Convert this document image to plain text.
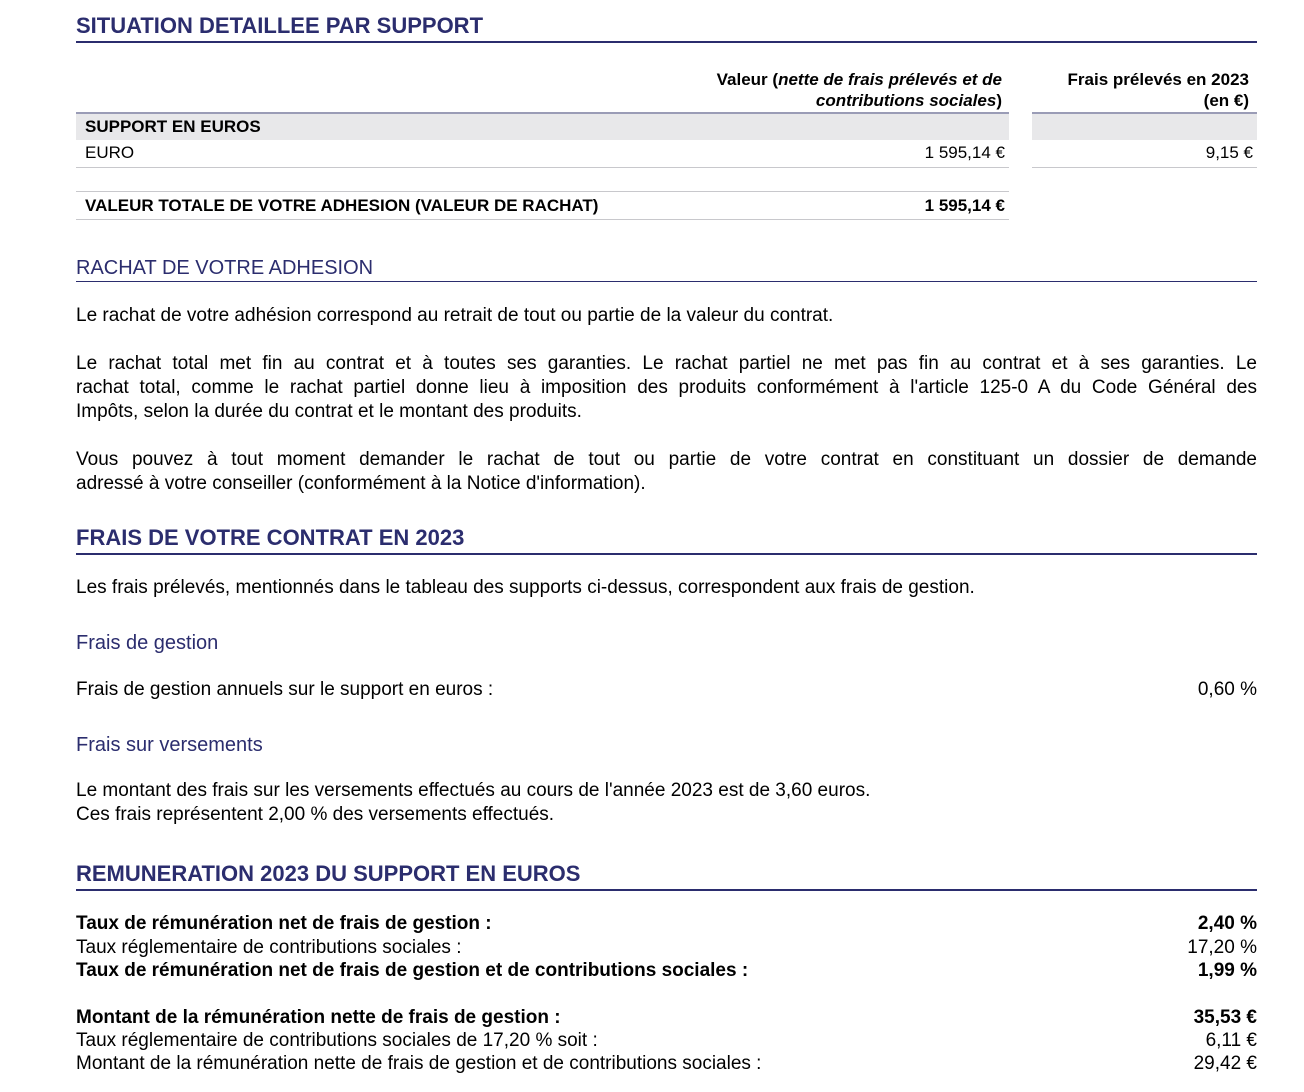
SITUATION DETAILLEE PAR SUPPORT
Valeur (nette de frais prélevés et de
contributions sociales)
Frais prélevés en 2023
(en €)
SUPPORT EN EUROS
EURO	1 595,14 €	9,15 €
VALEUR TOTALE DE VOTRE ADHESION (VALEUR DE RACHAT)	1 595,14 €
RACHAT DE VOTRE ADHESION
Le rachat de votre adhésion correspond au retrait de tout ou partie de la valeur du contrat.
Le rachat total met fin au contrat et à toutes ses garanties. Le rachat partiel ne met pas fin au contrat et à ses garanties. Le
rachat total, comme le rachat partiel donne lieu à imposition des produits conformément à l'article 125-0 A du Code Général des
Impôts, selon la durée du contrat et le montant des produits.
Vous pouvez à tout moment demander le rachat de tout ou partie de votre contrat en constituant un dossier de demande
adressé à votre conseiller (conformément à la Notice d'information).
FRAIS DE VOTRE CONTRAT EN 2023
Les frais prélevés, mentionnés dans le tableau des supports ci-dessus, correspondent aux frais de gestion.
Frais de gestion
Frais de gestion annuels sur le support en euros :	0,60 %
Frais sur versements
Le montant des frais sur les versements effectués au cours de l'année 2023 est de 3,60 euros.
Ces frais représentent 2,00 % des versements effectués.
REMUNERATION 2023 DU SUPPORT EN EUROS
Taux de rémunération net de frais de gestion :	2,40 %
Taux réglementaire de contributions sociales :	17,20 %
Taux de rémunération net de frais de gestion et de contributions sociales :	1,99 %
Montant de la rémunération nette de frais de gestion :	35,53 €
Taux réglementaire de contributions sociales de 17,20 % soit :	6,11 €
Montant de la rémunération nette de frais de gestion et de contributions sociales :	29,42 €
